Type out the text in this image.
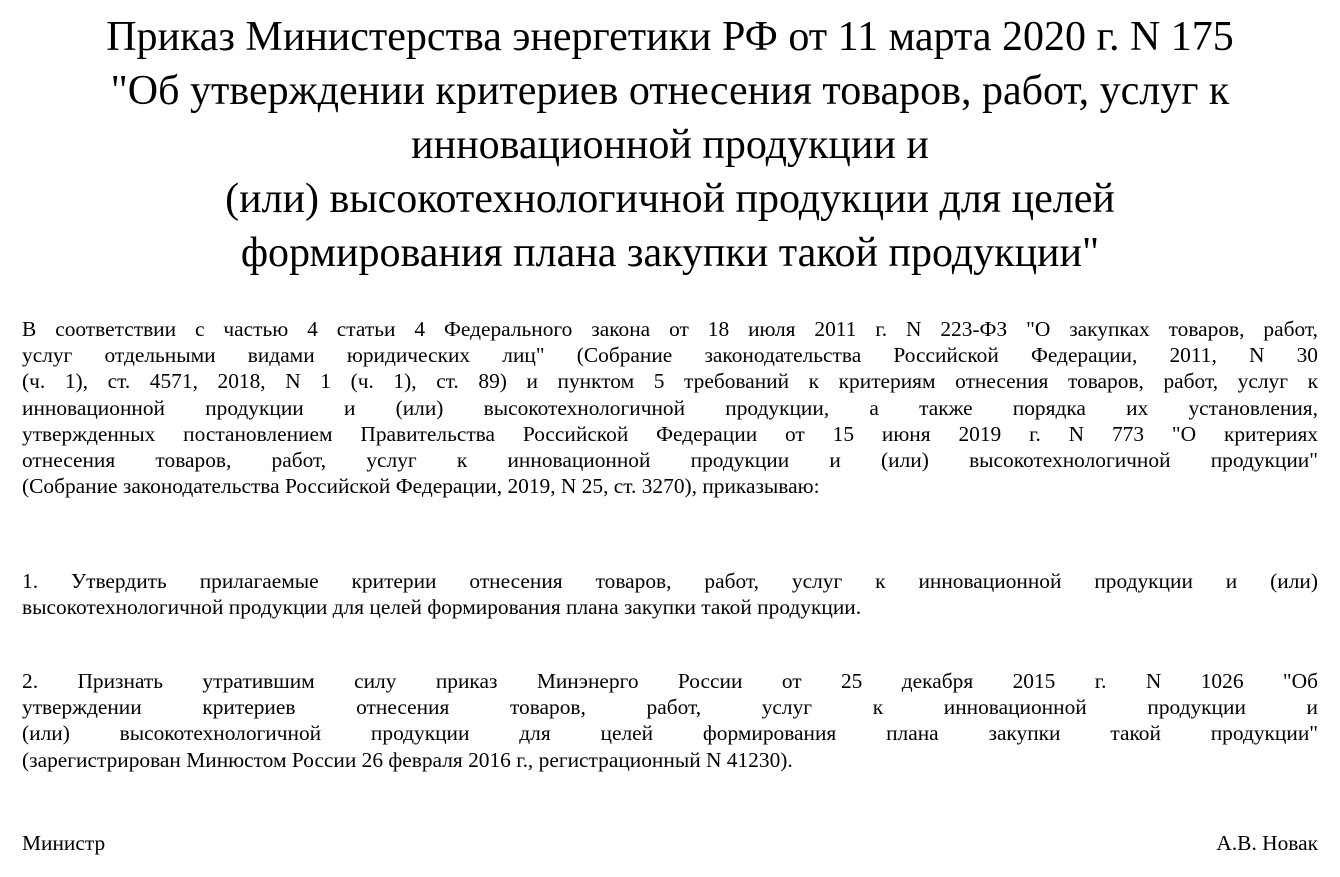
Приказ Министерства энергетики РФ от 11 марта 2020 г. N 175
"Об утверждении критериев отнесения товаров, работ, услуг к
инновационной продукции и
(или) высокотехнологичной продукции для целей
формирования плана закупки такой продукции"

В соответствии с частью 4 статьи 4 Федерального закона от 18 июля 2011 г. N 223-ФЗ "О закупках товаров, работ,
услуг отдельными видами юридических лиц" (Собрание законодательства Российской Федерации, 2011, N 30
(ч. 1), ст. 4571, 2018, N 1 (ч. 1), ст. 89) и пунктом 5 требований к критериям отнесения товаров, работ, услуг к
инновационной продукции и (или) высокотехнологичной продукции, а также порядка их установления,
утвержденных постановлением Правительства Российской Федерации от 15 июня 2019 г. N 773 "О критериях
отнесения товаров, работ, услуг к инновационной продукции и (или) высокотехнологичной продукции"
(Собрание законодательства Российской Федерации, 2019, N 25, ст. 3270), приказываю:

1. Утвердить прилагаемые критерии отнесения товаров, работ, услуг к инновационной продукции и (или)
высокотехнологичной продукции для целей формирования плана закупки такой продукции.

2. Признать утратившим силу приказ Минэнерго России от 25 декабря 2015 г. N 1026 "Об
утверждении критериев отнесения товаров, работ, услуг к инновационной продукции и
(или) высокотехнологичной продукции для целей формирования плана закупки такой продукции"
(зарегистрирован Минюстом России 26 февраля 2016 г., регистрационный N 41230).

Министр	А.В. Новак
